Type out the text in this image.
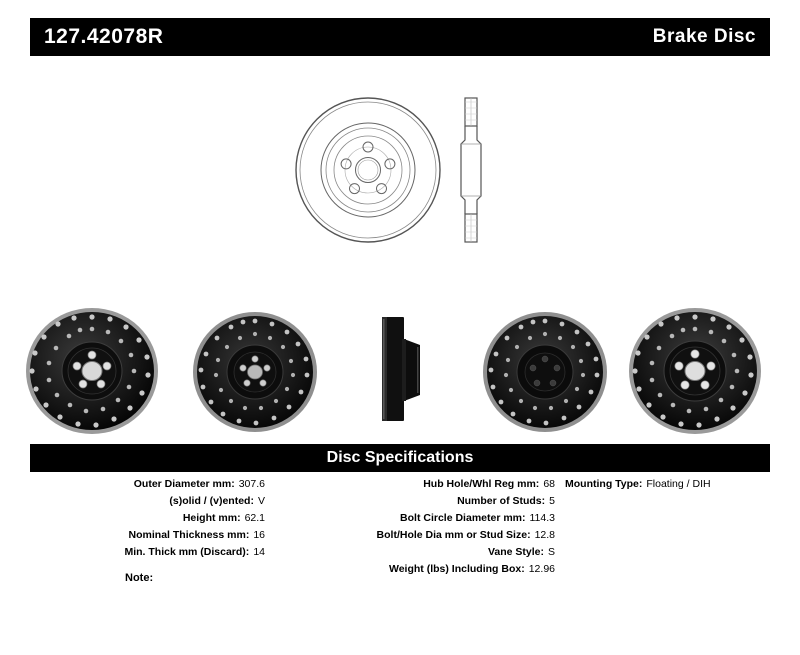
127.42078R	Brake Disc
Disc Specifications
Outer Diameter mm: 307.6
(s)olid / (v)ented: V
Height mm: 62.1
Nominal Thickness mm: 16
Min. Thick mm (Discard): 14
Hub Hole/Whl Reg mm: 68
Number of Studs: 5
Bolt Circle Diameter mm: 114.3
Bolt/Hole Dia mm or Stud Size: 12.8
Vane Style: S
Weight (lbs) Including Box: 12.96
Mounting Type: Floating / DIH
Note:
